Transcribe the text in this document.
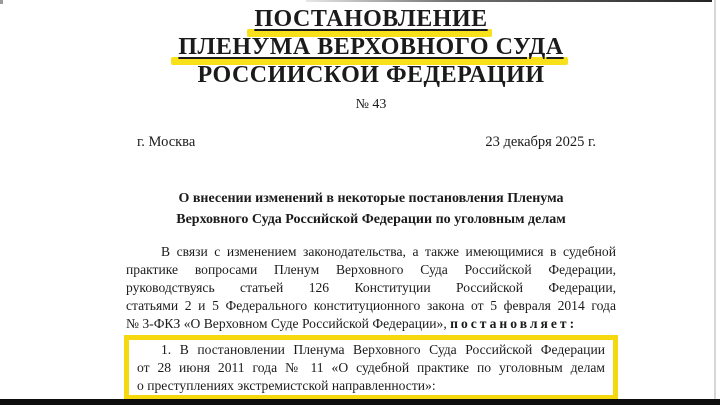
ПОСТАНОВЛЕНИЕ
ПЛЕНУМА ВЕРХОВНОГО СУДА
РОССИЙСКОЙ ФЕДЕРАЦИИ
№ 43
г. Москва	23 декабря 2025 г.
О внесении изменений в некоторые постановления Пленума
Верховного Суда Российской Федерации по уголовным делам
В связи с изменением законодательства, а также имеющимися в судебной
практике вопросами Пленум Верховного Суда Российской Федерации,
руководствуясь статьей 126 Конституции Российской Федерации,
статьями 2 и 5 Федерального конституционного закона от 5 февраля 2014 года
№ 3-ФКЗ «О Верховном Суде Российской Федерации», постановляет:
1. В постановлении Пленума Верховного Суда Российской Федерации
от 28 июня 2011 года № 11 «О судебной практике по уголовным делам
о преступлениях экстремистской направленности»:
